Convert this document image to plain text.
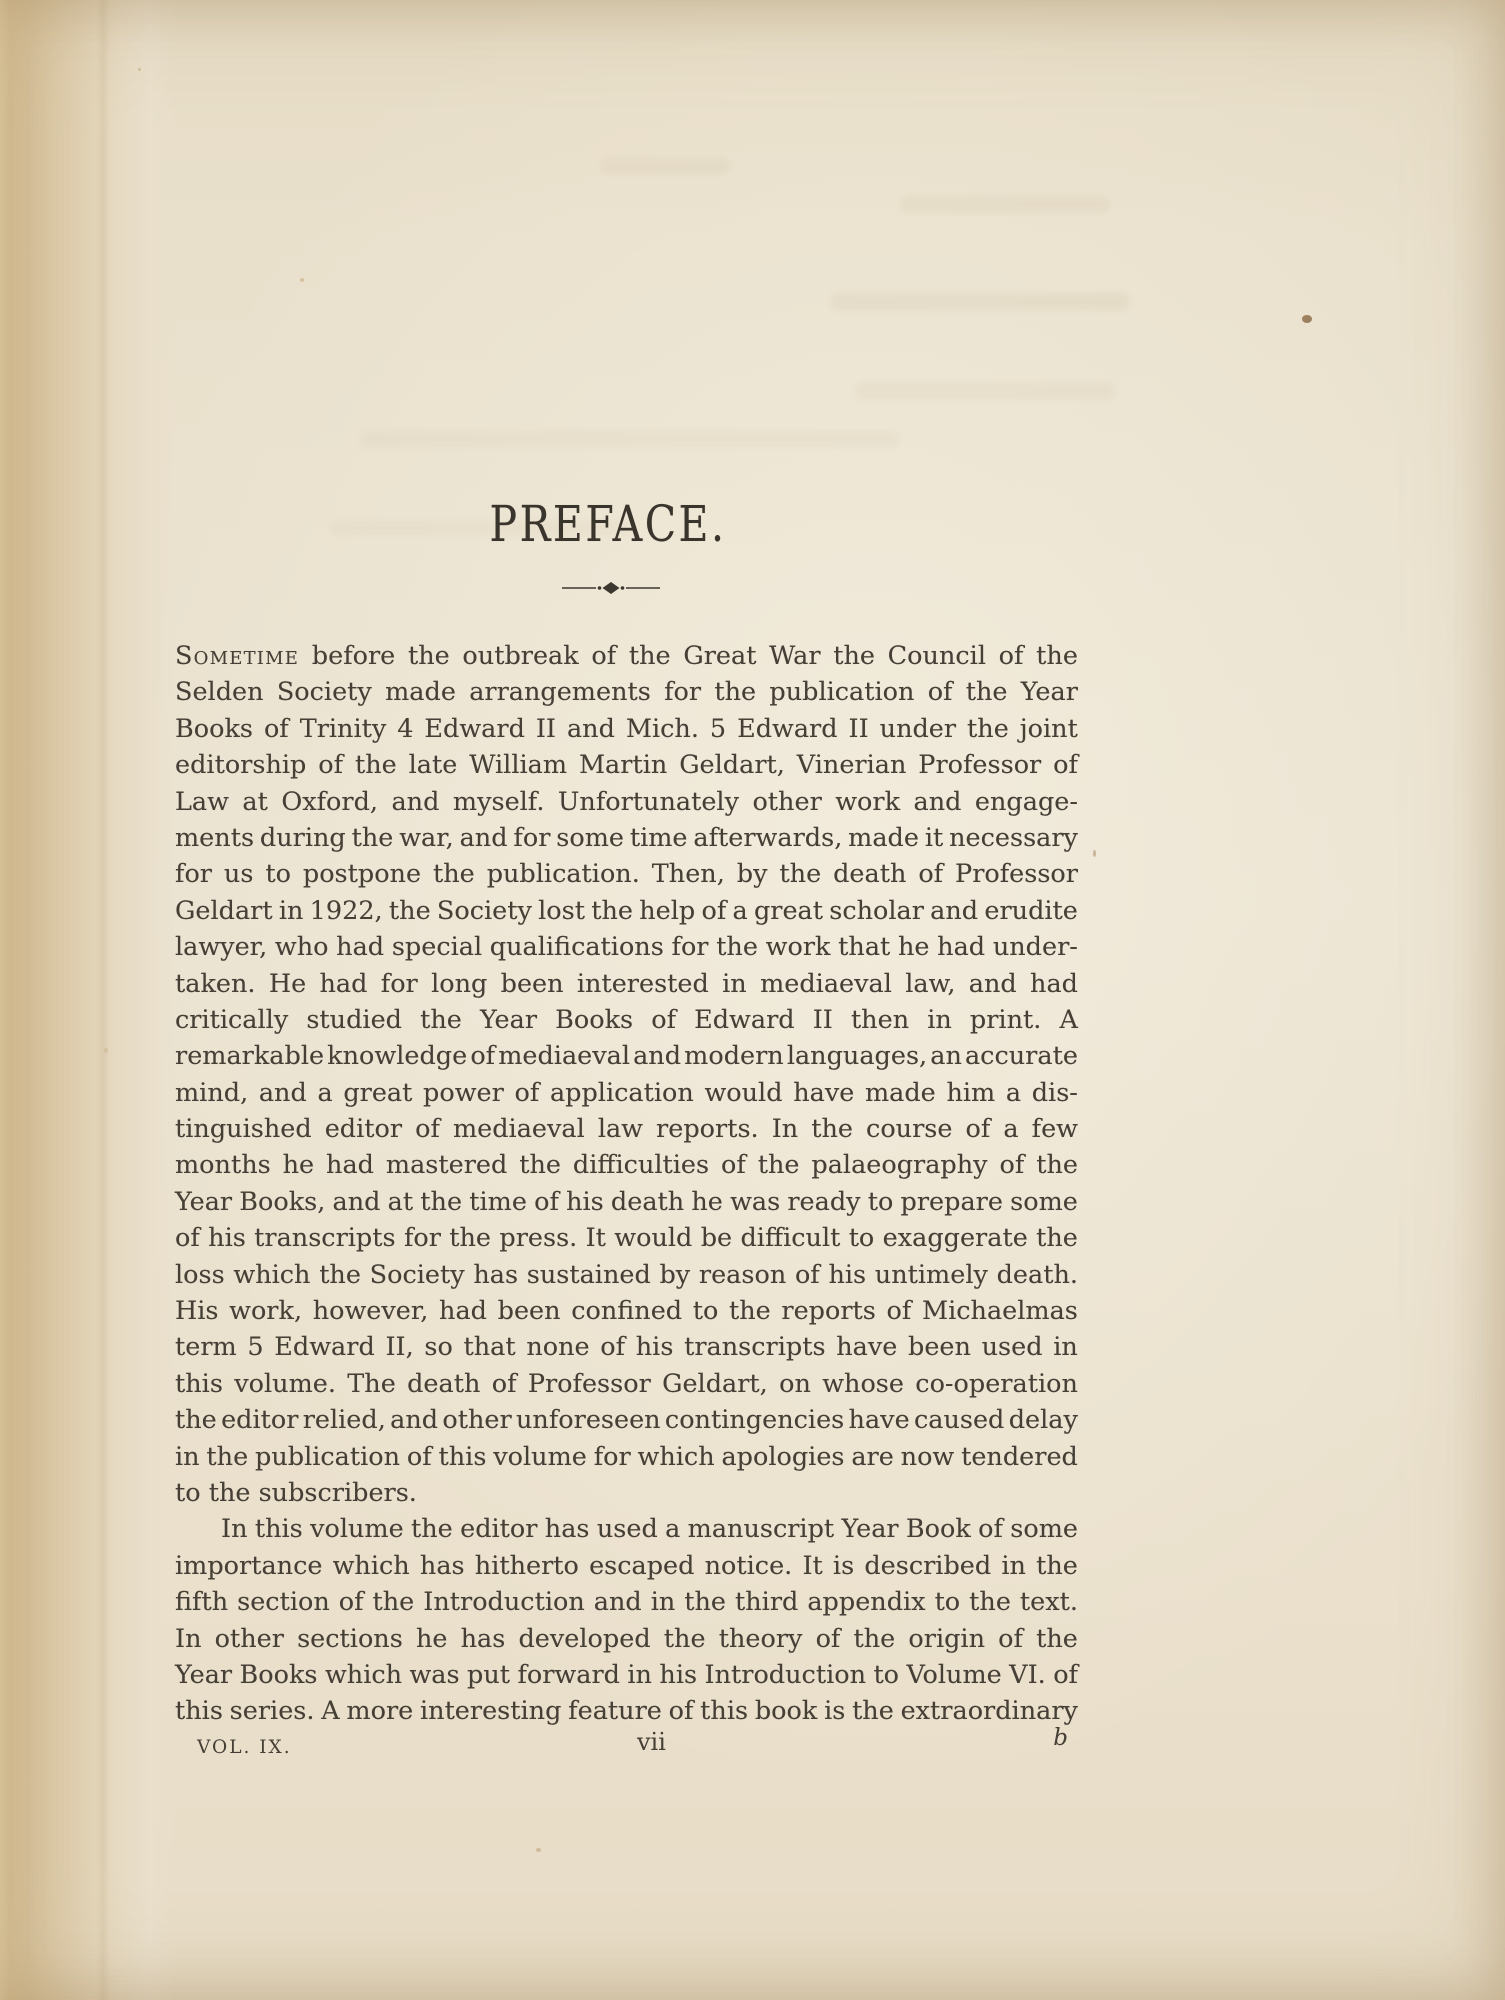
PREFACE.
Sometime before the outbreak of the Great War the Council of the
Selden Society made arrangements for the publication of the Year
Books of Trinity 4 Edward II and Mich. 5 Edward II under the joint
editorship of the late William Martin Geldart, Vinerian Professor of
Law at Oxford, and myself. Unfortunately other work and engage-
ments during the war, and for some time afterwards, made it necessary
for us to postpone the publication. Then, by the death of Professor
Geldart in 1922, the Society lost the help of a great scholar and erudite
lawyer, who had special qualifications for the work that he had under-
taken. He had for long been interested in mediaeval law, and had
critically studied the Year Books of Edward II then in print. A
remarkable knowledge of mediaeval and modern languages, an accurate
mind, and a great power of application would have made him a dis-
tinguished editor of mediaeval law reports. In the course of a few
months he had mastered the difficulties of the palaeography of the
Year Books, and at the time of his death he was ready to prepare some
of his transcripts for the press. It would be difficult to exaggerate the
loss which the Society has sustained by reason of his untimely death.
His work, however, had been confined to the reports of Michaelmas
term 5 Edward II, so that none of his transcripts have been used in
this volume. The death of Professor Geldart, on whose co-operation
the editor relied, and other unforeseen contingencies have caused delay
in the publication of this volume for which apologies are now tendered
to the subscribers.
In this volume the editor has used a manuscript Year Book of some
importance which has hitherto escaped notice. It is described in the
fifth section of the Introduction and in the third appendix to the text.
In other sections he has developed the theory of the origin of the
Year Books which was put forward in his Introduction to Volume VI. of
this series. A more interesting feature of this book is the extraordinary
VOL. IX.	vii	b
